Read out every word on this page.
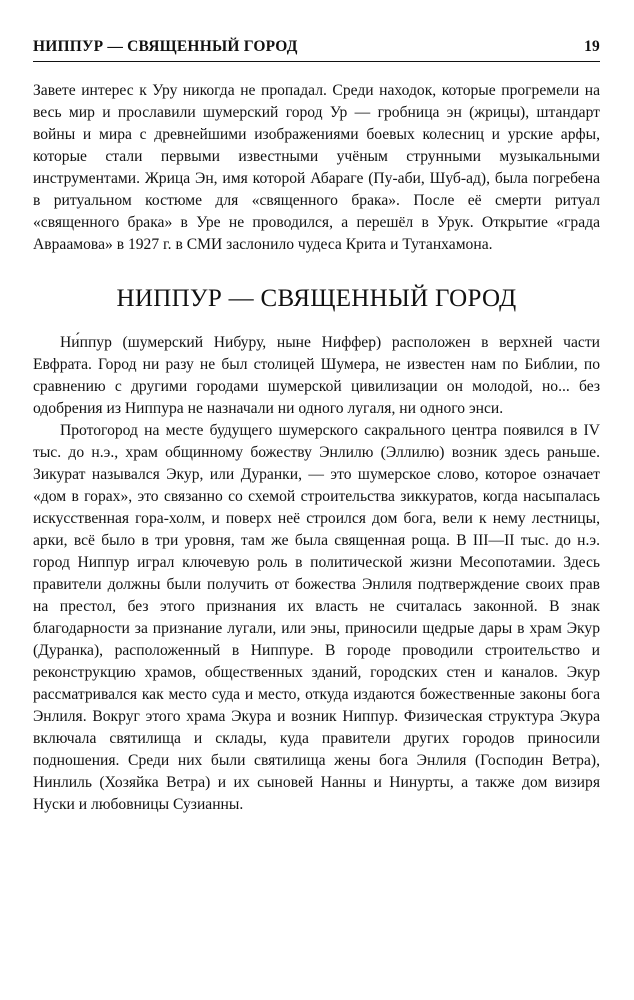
НИППУР — СВЯЩЕННЫЙ ГОРОД	19

Завете интерес к Уру никогда не пропадал. Среди находок, которые прогремели на весь мир и прославили шумерский город Ур — гробница эн (жрицы), штандарт войны и мира с древнейшими изображениями боевых колесниц и урские арфы, которые стали первыми известными учёным струнными музыкальными инструментами. Жрица Эн, имя которой Абараге (Пу-аби, Шуб-ад), была погребена в ритуальном костюме для «священного брака». После её смерти ритуал «священного брака» в Уре не проводился, а перешёл в Урук. Открытие «града Авраамова» в 1927 г. в СМИ заслонило чудеса Крита и Тутанхамона.

НИППУР — СВЯЩЕННЫЙ ГОРОД

Ни́ппур (шумерский Нибуру, ныне Ниффер) расположен в верхней части Евфрата. Город ни разу не был столицей Шумера, не известен нам по Библии, по сравнению с другими городами шумерской цивилизации он молодой, но... без одобрения из Ниппура не назначали ни одного лугаля, ни одного энси.

Протогород на месте будущего шумерского сакрального центра появился в IV тыс. до н.э., храм общинному божеству Энлилю (Эллилю) возник здесь раньше. Зикурат назывался Экур, или Дуранки, — это шумерское слово, которое означает «дом в горах», это связанно со схемой строительства зиккуратов, когда насыпалась искусственная гора-холм, и поверх неё строился дом бога, вели к нему лестницы, арки, всё было в три уровня, там же была священная роща. В III—II тыс. до н.э. город Ниппур играл ключевую роль в политической жизни Месопотамии. Здесь правители должны были получить от божества Энлиля подтверждение своих прав на престол, без этого признания их власть не считалась законной. В знак благодарности за признание лугали, или эны, приносили щедрые дары в храм Экур (Дуранка), расположенный в Ниппуре. В городе проводили строительство и реконструкцию храмов, общественных зданий, городских стен и каналов. Экур рассматривался как место суда и место, откуда издаются божественные законы бога Энлиля. Вокруг этого храма Экура и возник Ниппур. Физическая структура Экура включала святилища и склады, куда правители других городов приносили подношения. Среди них были святилища жены бога Энлиля (Господин Ветра), Нинлиль (Хозяйка Ветра) и их сыновей Нанны и Нинурты, а также дом визиря Нуски и любовницы Сузианны.
